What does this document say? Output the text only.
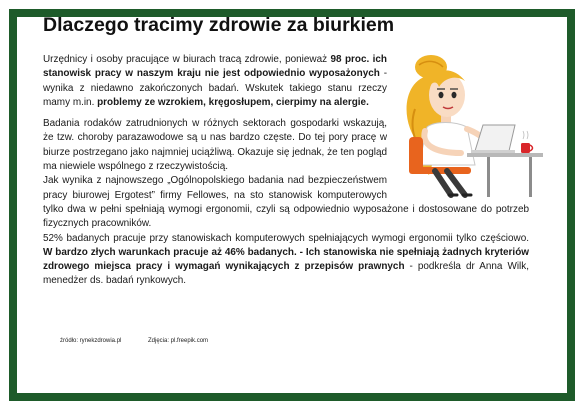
Dlaczego tracimy zdrowie za biurkiem

Urzędnicy i osoby pracujące w biurach tracą zdrowie, ponieważ 98 proc. ich stanowisk pracy w naszym kraju nie jest odpowiednio wyposażonych - wynika z niedawno zakończonych badań. Wskutek takiego stanu rzeczy mamy m.in. problemy ze wzrokiem, kręgosłupem, cierpimy na alergie.

Badania rodaków zatrudnionych w różnych sektorach gospodarki wskazują, że tzw. choroby parazawodowe są u nas bardzo częste. Do tej pory pracę w biurze postrzegano jako najmniej uciążliwą. Okazuje się jednak, że ten pogląd ma niewiele wspólnego z rzeczywistością.

Jak wynika z najnowszego „Ogólnopolskiego badania nad bezpieczeństwem pracy biurowej Ergotest” firmy Fellowes, na sto stanowisk komputerowych tylko dwa w pełni spełniają wymogi ergonomii, czyli są odpowiednio wyposażone i dostosowane do potrzeb fizycznych pracowników.

52% badanych pracuje przy stanowiskach komputerowych spełniających wymogi ergonomii tylko częściowo. W bardzo złych warunkach pracuje aż 46% badanych. - Ich stanowiska nie spełniają żadnych kryteriów zdrowego miejsca pracy i wymagań wynikających z przepisów prawnych - podkreśla dr Anna Wilk, menedżer ds. badań rynkowych.

źródło: rynekzdrowia.pl	Zdjęcia: pl.freepik.com
